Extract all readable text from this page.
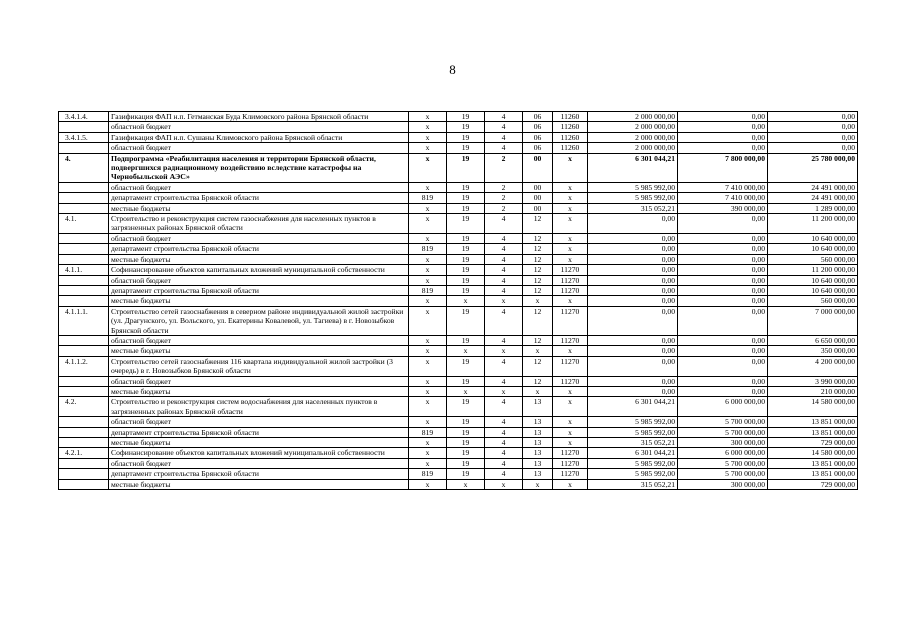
8
3.4.1.4.	Газификация ФАП н.п. Гетманская Буда Климовского района Брянской области	х	19	4	06	11260	2 000 000,00	0,00	0,00
	областной бюджет	х	19	4	06	11260	2 000 000,00	0,00	0,00
3.4.1.5.	Газификация ФАП н.п. Сушаны Климовского района Брянской области	х	19	4	06	11260	2 000 000,00	0,00	0,00
	областной бюджет	х	19	4	06	11260	2 000 000,00	0,00	0,00
4.	Подпрограмма «Реабилитация населения и территории Брянской области, подвергшихся радиационному воздействию вследствие катастрофы на Чернобыльской АЭС»	х	19	2	00	х	6 301 044,21	7 800 000,00	25 780 000,00
	областной бюджет	х	19	2	00	х	5 985 992,00	7 410 000,00	24 491 000,00
	департамент строительства Брянской области	819	19	2	00	х	5 985 992,00	7 410 000,00	24 491 000,00
	местные бюджеты	х	19	2	00	х	315 052,21	390 000,00	1 289 000,00
4.1.	Строительство и реконструкция систем газоснабжения для населенных пунктов в загрязненных районах Брянской области	х	19	4	12	х	0,00	0,00	11 200 000,00
	областной бюджет	х	19	4	12	х	0,00	0,00	10 640 000,00
	департамент строительства Брянской области	819	19	4	12	х	0,00	0,00	10 640 000,00
	местные бюджеты	х	19	4	12	х	0,00	0,00	560 000,00
4.1.1.	Софинансирование объектов капитальных вложений муниципальной собственности	х	19	4	12	11270	0,00	0,00	11 200 000,00
	областной бюджет	х	19	4	12	11270	0,00	0,00	10 640 000,00
	департамент строительства Брянской области	819	19	4	12	11270	0,00	0,00	10 640 000,00
	местные бюджеты	х	х	х	х	х	0,00	0,00	560 000,00
4.1.1.1.	Строительство сетей газоснабжения в северном районе индивидуальной жилой застройки (ул. Драгунского, ул. Вольского, ул. Екатерины Ковалевой, ул. Тагиева) в г. Новозыбков Брянской области	х	19	4	12	11270	0,00	0,00	7 000 000,00
	областной бюджет	х	19	4	12	11270	0,00	0,00	6 650 000,00
	местные бюджеты	х	х	х	х	х	0,00	0,00	350 000,00
4.1.1.2.	Строительство сетей газоснабжения 116 квартала индивидуальной жилой застройки (3 очередь) в г. Новозыбков Брянской области	х	19	4	12	11270	0,00	0,00	4 200 000,00
	областной бюджет	х	19	4	12	11270	0,00	0,00	3 990 000,00
	местные бюджеты	х	х	х	х	х	0,00	0,00	210 000,00
4.2.	Строительство и реконструкция систем водоснабжения для населенных пунктов в загрязненных районах Брянской области	х	19	4	13	х	6 301 044,21	6 000 000,00	14 580 000,00
	областной бюджет	х	19	4	13	х	5 985 992,00	5 700 000,00	13 851 000,00
	департамент строительства Брянской области	819	19	4	13	х	5 985 992,00	5 700 000,00	13 851 000,00
	местные бюджеты	х	19	4	13	х	315 052,21	300 000,00	729 000,00
4.2.1.	Софинансирование объектов капитальных вложений муниципальной собственности	х	19	4	13	11270	6 301 044,21	6 000 000,00	14 580 000,00
	областной бюджет	х	19	4	13	11270	5 985 992,00	5 700 000,00	13 851 000,00
	департамент строительства Брянской области	819	19	4	13	11270	5 985 992,00	5 700 000,00	13 851 000,00
	местные бюджеты	х	х	х	х	х	315 052,21	300 000,00	729 000,00
